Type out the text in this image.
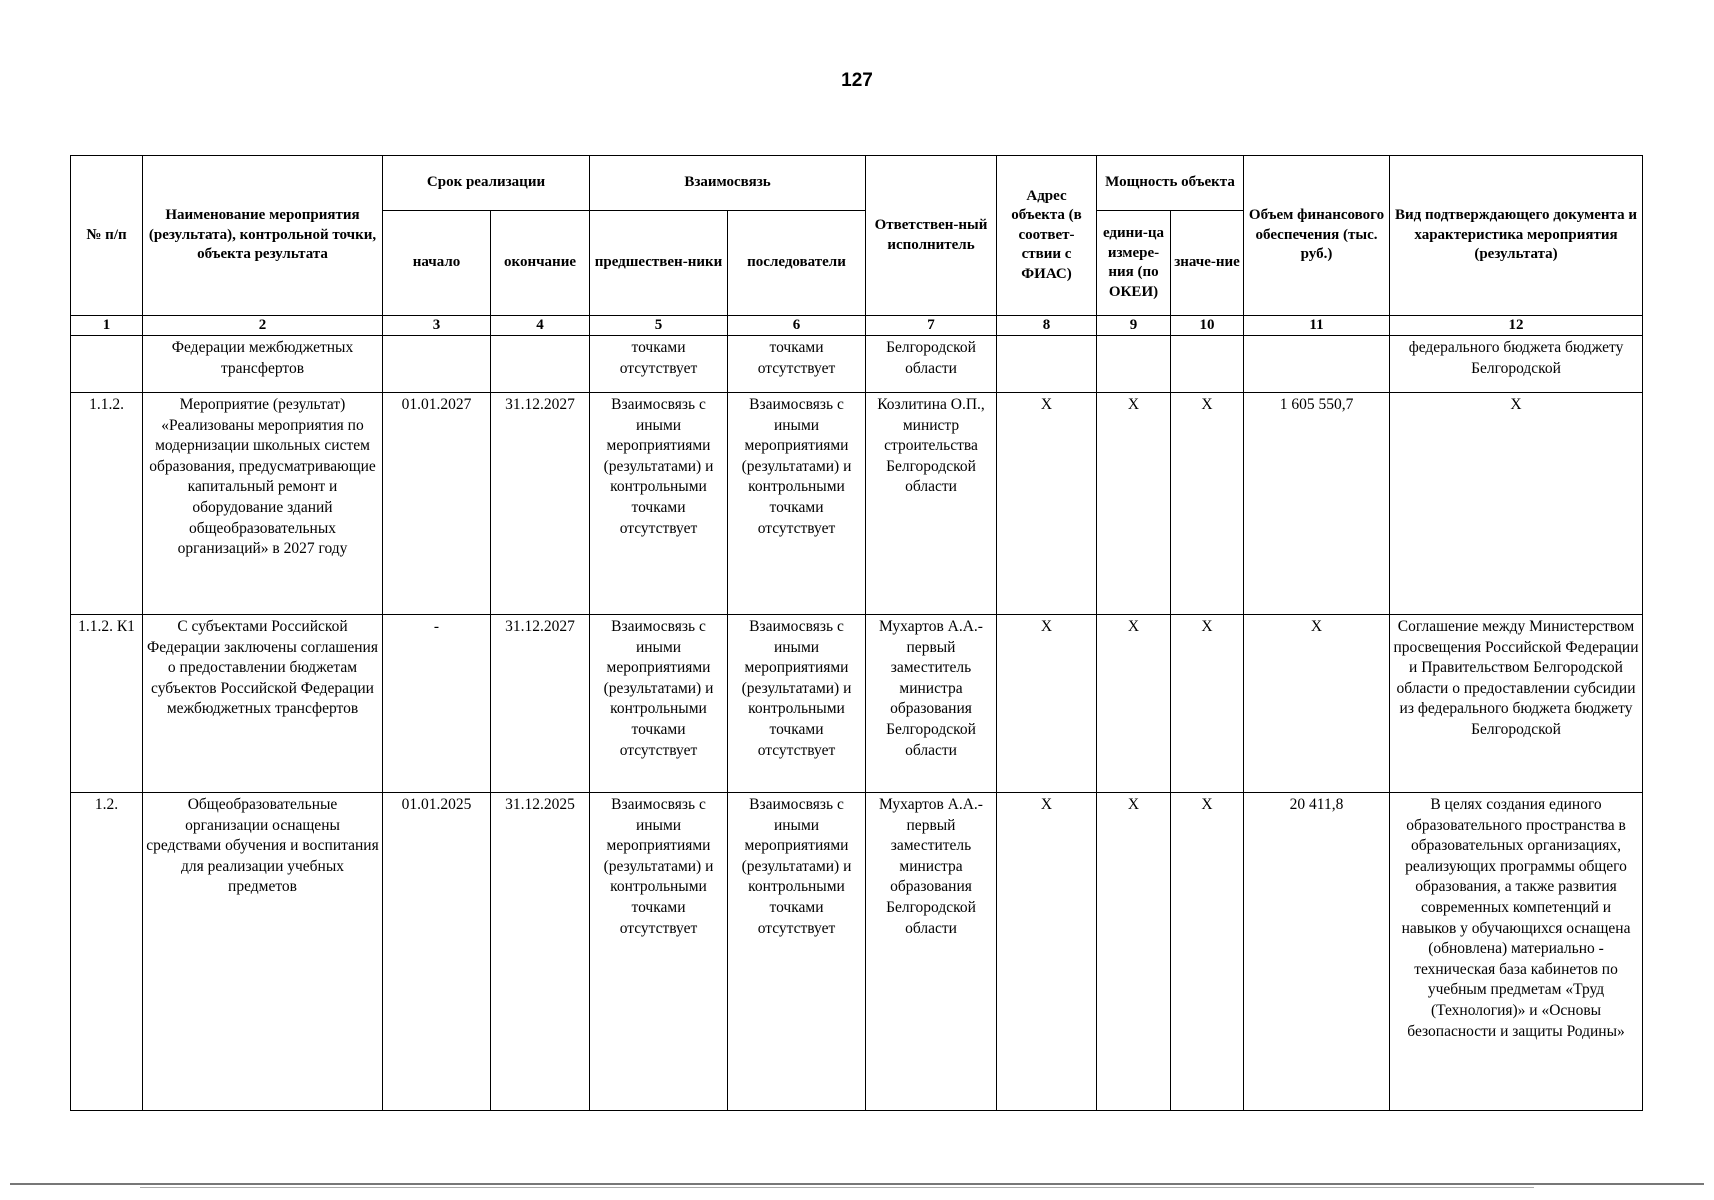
127
№ п/п	Наименование мероприятия (результата), контрольной точки, объекта результата	Срок реализации		Взаимосвязь		Ответствен-ный исполнитель	Адрес объекта (в соответ-ствии с ФИАС)	Мощность объекта		Объем финансового обеспечения (тыс. руб.)	Вид подтверждающего документа и характеристика мероприятия (результата)
		начало	окончание	предшествен-ники	последователи			едини-ца измере-ния (по ОКЕИ)	значе-ние		
1	2	3	4	5	6	7	8	9	10	11	12
	Федерации межбюджетных трансфертов			точками отсутствует	точками отсутствует	Белгородской области					федерального бюджета бюджету Белгородской
1.1.2.	Мероприятие (результат) «Реализованы мероприятия по модернизации школьных систем образования, предусматривающие капитальный ремонт и оборудование зданий общеобразовательных организаций» в 2027 году	01.01.2027	31.12.2027	Взаимосвязь с иными мероприятиями (результатами) и контрольными точками отсутствует	Взаимосвязь с иными мероприятиями (результатами) и контрольными точками отсутствует	Козлитина О.П., министр строительства Белгородской области	X	X	X	1 605 550,7	X
1.1.2. К1	С субъектами Российской Федерации заключены соглашения о предоставлении бюджетам субъектов Российской Федерации межбюджетных трансфертов	-	31.12.2027	Взаимосвязь с иными мероприятиями (результатами) и контрольными точками отсутствует	Взаимосвязь с иными мероприятиями (результатами) и контрольными точками отсутствует	Мухартов А.А.- первый заместитель министра образования Белгородской области	X	X	X	X	Соглашение между Министерством просвещения Российской Федерации и Правительством Белгородской области о предоставлении субсидии из федерального бюджета бюджету Белгородской
1.2.	Общеобразовательные организации оснащены средствами обучения и воспитания для реализации учебных предметов	01.01.2025	31.12.2025	Взаимосвязь с иными мероприятиями (результатами) и контрольными точками отсутствует	Взаимосвязь с иными мероприятиями (результатами) и контрольными точками отсутствует	Мухартов А.А.- первый заместитель министра образования Белгородской области	X	X	X	20 411,8	В целях создания единого образовательного пространства в образовательных организациях, реализующих программы общего образования, а также развития современных компетенций и навыков у обучающихся оснащена (обновлена) материально - техническая база кабинетов по учебным предметам «Труд (Технология)» и «Основы безопасности и защиты Родины»
